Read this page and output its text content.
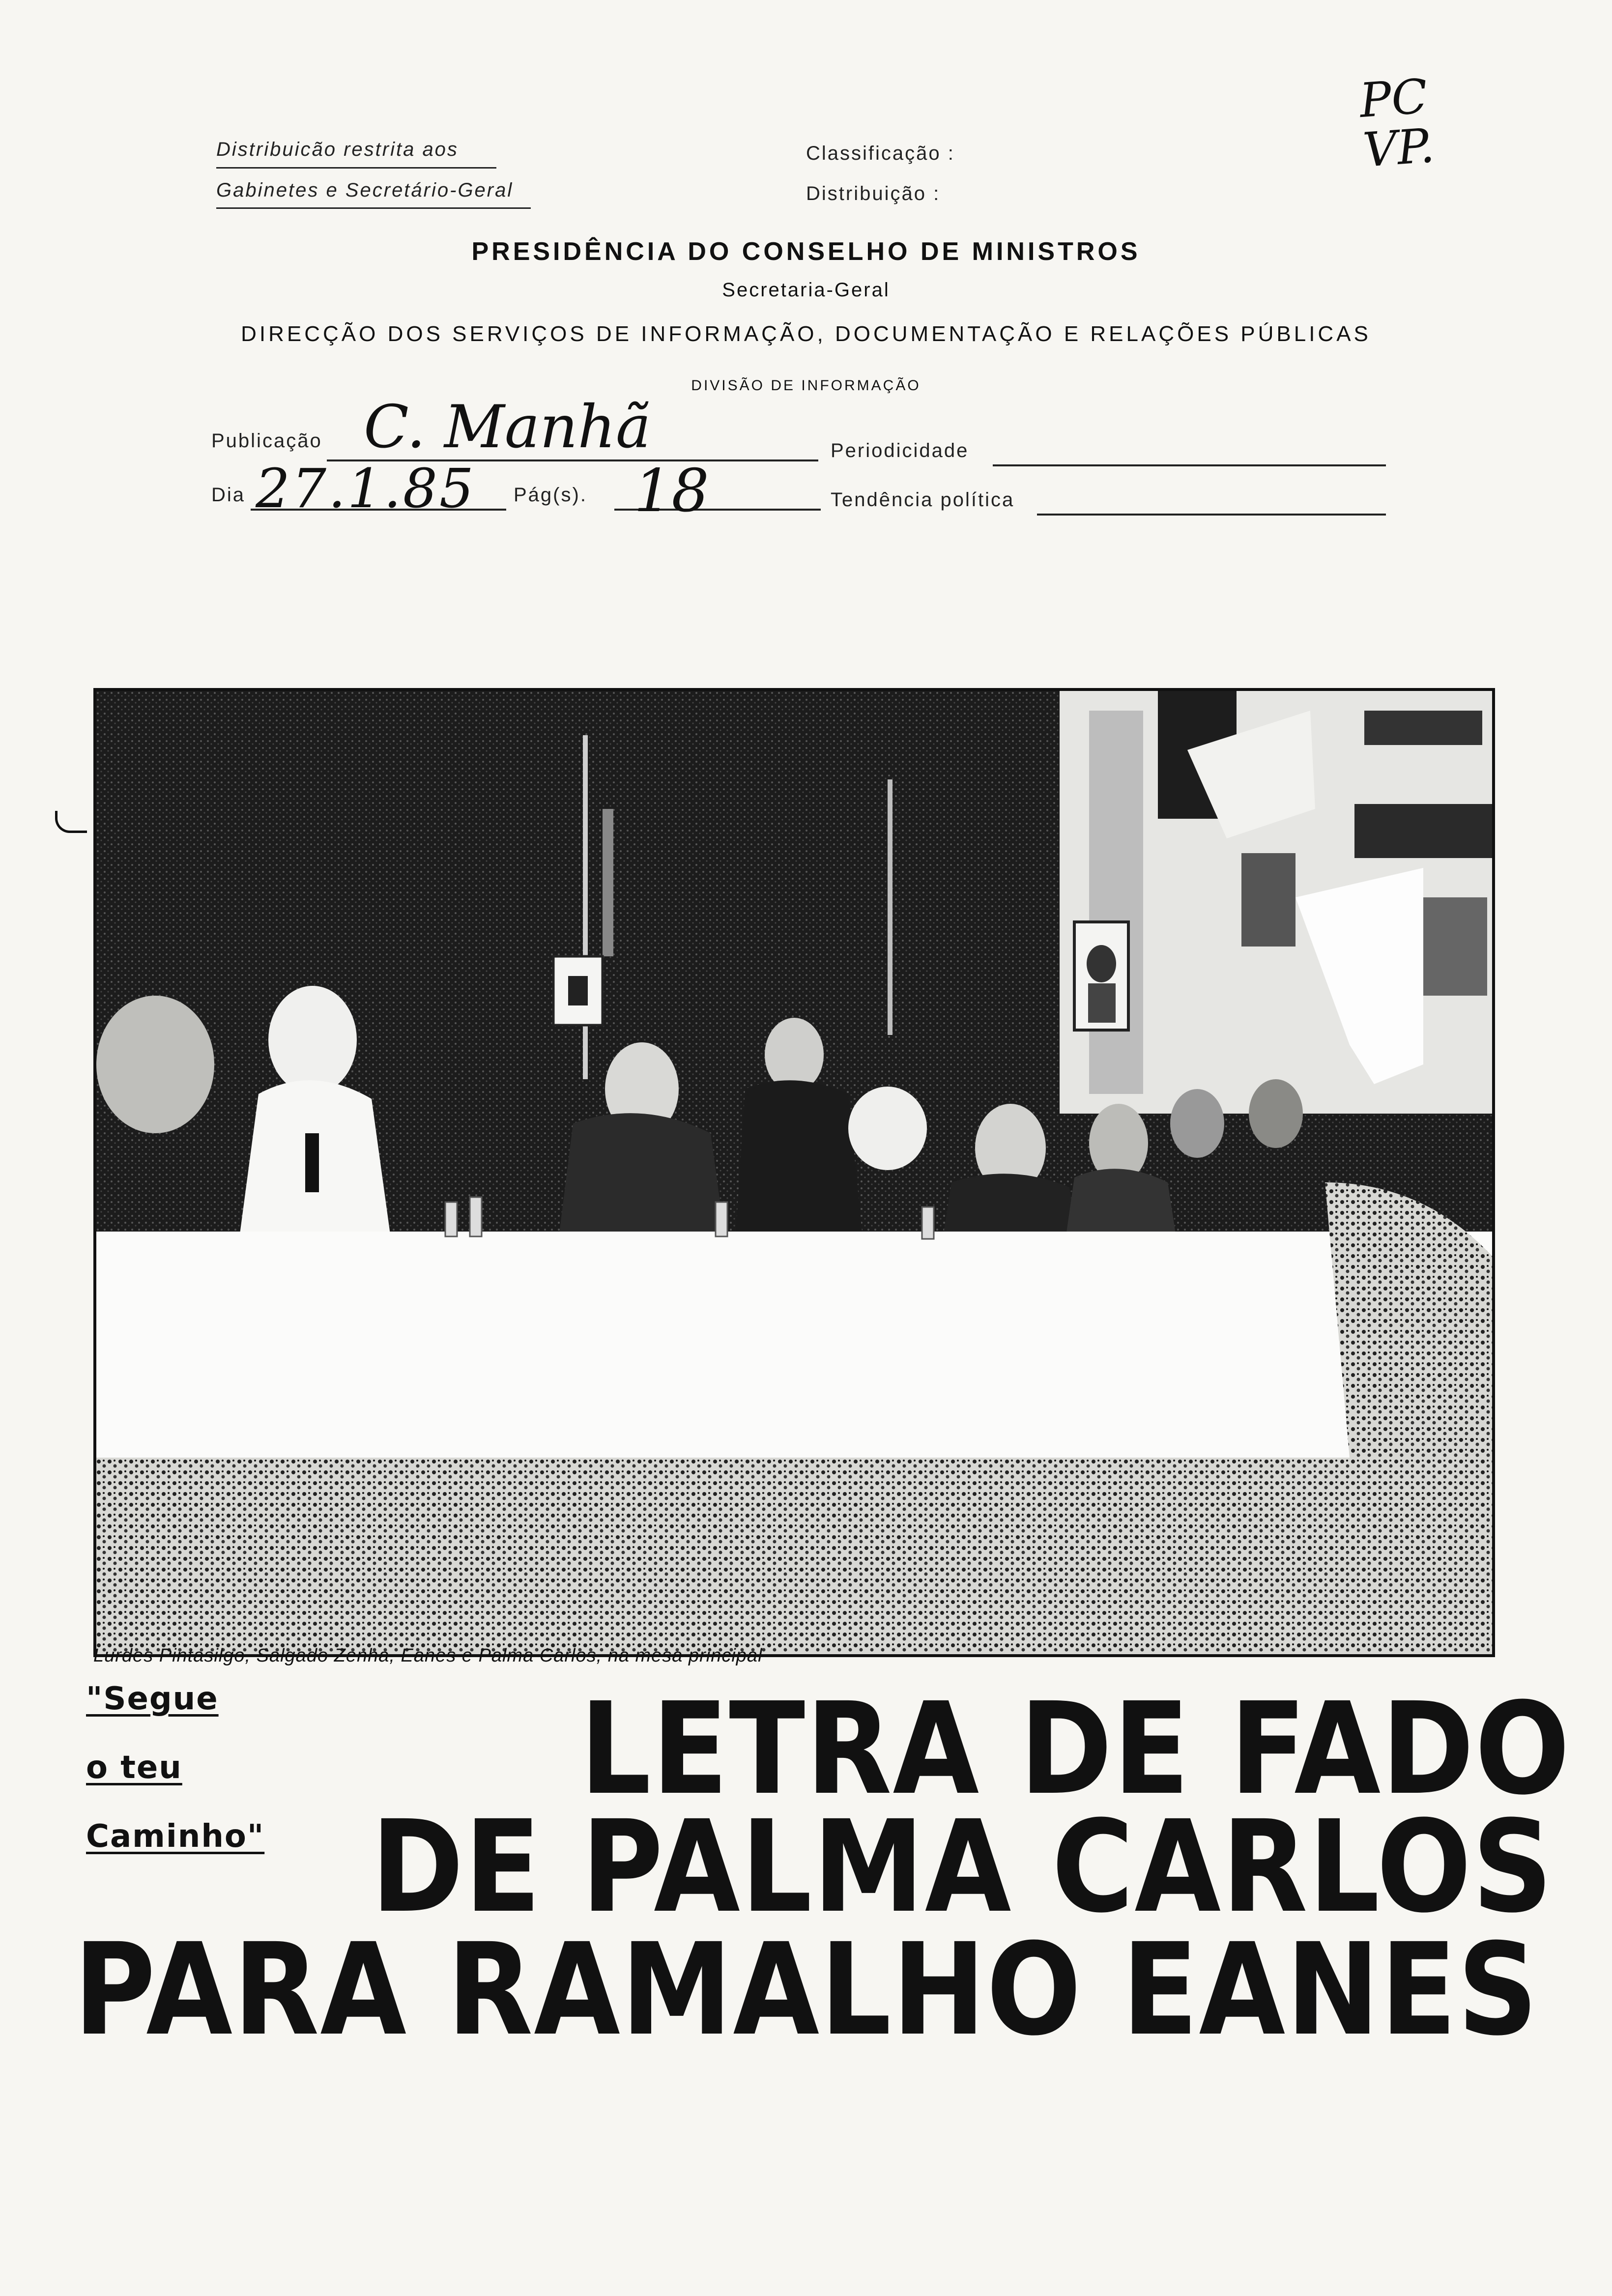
Distribuicão restrita aos
Gabinetes e Secretário-Geral
Classificação :
Distribuição :
PC
VP.
PRESIDÊNCIA DO CONSELHO DE MINISTROS
Secretaria-Geral
DIRECÇÃO DOS SERVIÇOS DE INFORMAÇÃO, DOCUMENTAÇÃO E RELAÇÕES PÚBLICAS
DIVISÃO DE INFORMAÇÃO
Publicação C. Manhã	Periodicidade
Dia 27.1.85 Pág(s). 18	Tendência política
Lurdes Pintasilgo, Salgado Zenha, Eanes e Palma Carlos, na mesa principal
"Segue
o teu
Caminho"
LETRA DE FADO
DE PALMA CARLOS
PARA RAMALHO EANES
